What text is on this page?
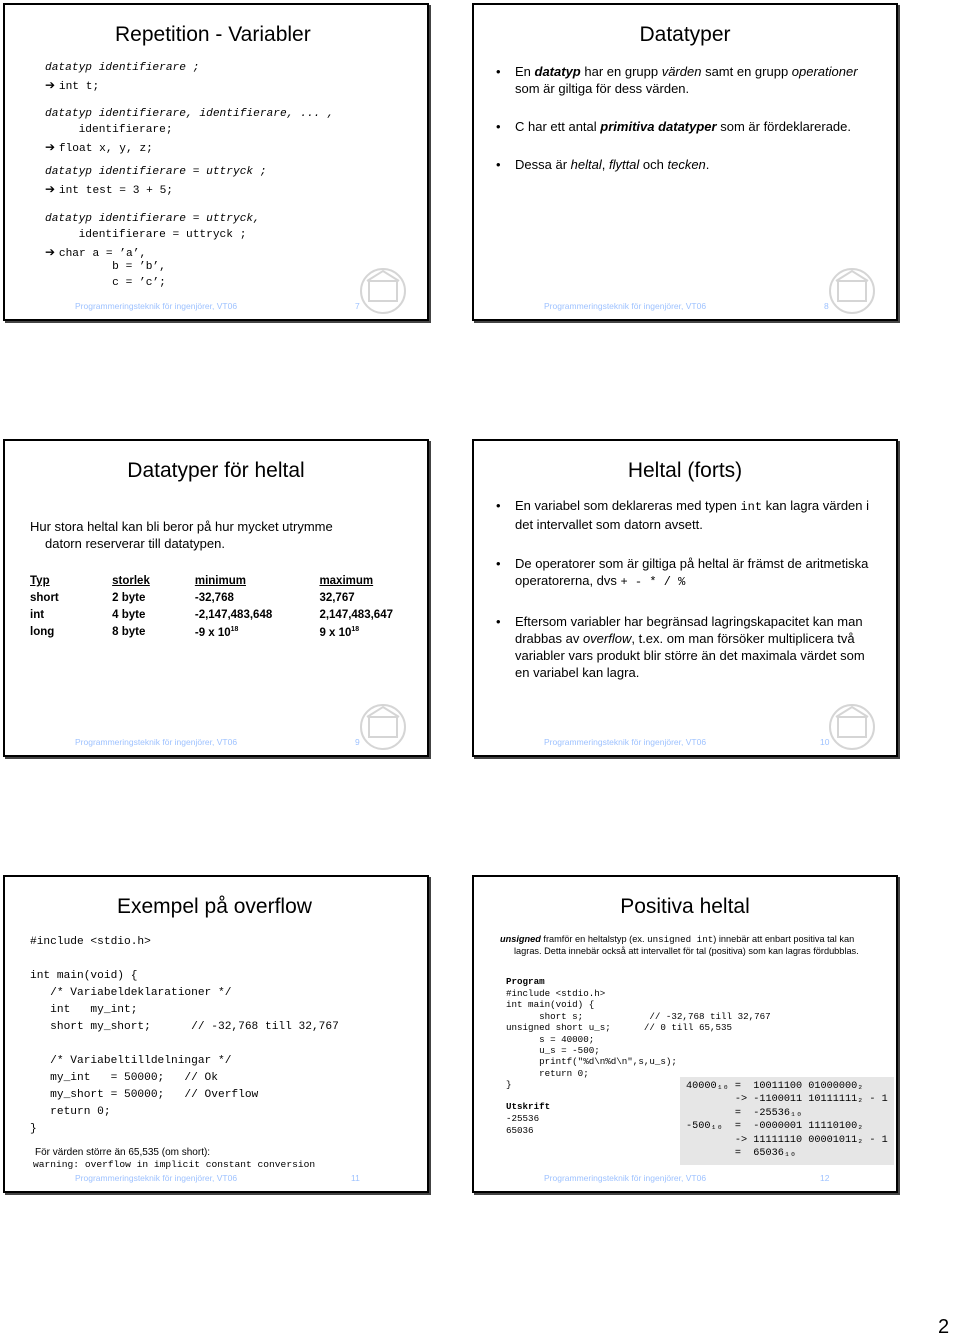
Repetition - Variabler
datatyp identifierare ;
➔ int t;
datatyp identifierare, identifierare, ... ,
identifierare;
➔ float x, y, z;
datatyp identifierare = uttryck ;
➔ int test = 3 + 5;
datatyp identifierare = uttryck,
identifierare = uttryck ;
➔ char a = ’a’,
b = ’b’,
c = ’c’;
Programmeringsteknik för ingenjörer, VT06	7
Datatyper
• En datatyp har en grupp värden samt en grupp operationer som är giltiga för dess värden.
• C har ett antal primitiva datatyper som är fördeklarerade.
• Dessa är heltal, flyttal och tecken.
Programmeringsteknik för ingenjörer, VT06	8
Datatyper för heltal
Hur stora heltal kan bli beror på hur mycket utrymme
datorn reserverar till datatypen.
Typ	storlek	minimum	maximum
short	2 byte	-32,768	32,767
int	4 byte	-2,147,483,648	2,147,483,647
long	8 byte	-9 x $10^{18}$	9 x $10^{18}$
Programmeringsteknik för ingenjörer, VT06	9
Heltal (forts)
• En variabel som deklareras med typen int kan lagra värden i det intervallet som datorn avsett.
• De operatorer som är giltiga på heltal är främst de aritmetiska operatorerna, dvs + - * / %
• Eftersom variabler har begränsad lagringskapacitet kan man drabbas av overflow, t.ex. om man försöker multiplicera två variabler vars produkt blir större än det maximala värdet som en variabel kan lagra.
Programmeringsteknik för ingenjörer, VT06	10
Exempel på overflow
#include <stdio.h>
int main(void) {
/* Variabeldeklarationer */
int   my_int;
short my_short;      // -32,768 till 32,767
/* Variabeltilldelningar */
my_int   = 50000;   // Ok
my_short = 50000;   // Overflow
return 0;
}
För värden större än 65,535 (om short):
warning: overflow in implicit constant conversion
Programmeringsteknik för ingenjörer, VT06	11
Positiva heltal
unsigned framför en heltalstyp (ex. unsigned int) innebär att enbart positiva tal kan
lagras. Detta innebär också att intervallet för tal (positiva) som kan lagras fördubblas.
Program
#include <stdio.h>
int main(void) {
short s;            // -32,768 till 32,767
unsigned short u_s;      // 0 till 65,535
s = 40000;
u_s = -500;
printf("%d\n%d\n",s,u_s);
return 0;
}
Utskrift
-25536
65036
40000₁₀ =  10011100 01000000₂
-> -1100011 10111111₂ - 1
=  -25536₁₀
-500₁₀  =  -0000001 11110100₂
-> 11111110 00001011₂ - 1
=  65036₁₀
Programmeringsteknik för ingenjörer, VT06	12
2
